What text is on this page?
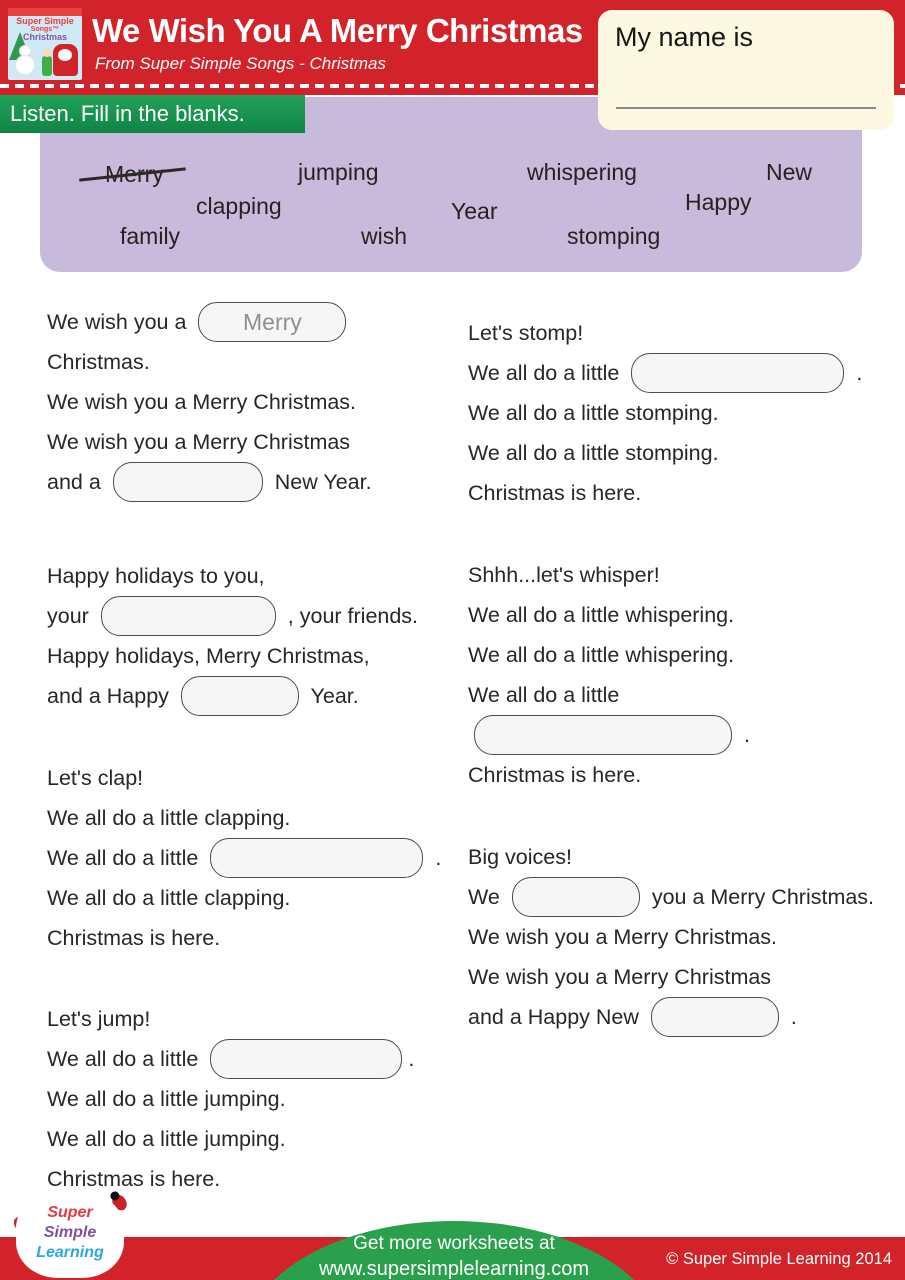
Super Simple
Songs™
Christmas We Wish You A Merry Christmas
From Super Simple Songs - Christmas
My name is
Listen. Fill in the blanks.
Merry	jumping	whispering	New
clapping	Year	Happy
family	wish	stomping
We wish you a Merry
Christmas.
We wish you a Merry Christmas.
We wish you a Merry Christmas
and a	New Year.
Happy holidays to you,
your	, your friends.
Happy holidays, Merry Christmas,
and a Happy	Year.
Let's clap!
We all do a little clapping.
We all do a little	.
We all do a little clapping.
Christmas is here.
Let's jump!
We all do a little	.
We all do a little jumping.
We all do a little jumping.
Christmas is here.
Let's stomp!
We all do a little	.
We all do a little stomping.
We all do a little stomping.
Christmas is here.
Shhh...let's whisper!
We all do a little whispering.
We all do a little whispering.
We all do a little
.
Christmas is here.
Big voices!
We	you a Merry Christmas.
We wish you a Merry Christmas.
We wish you a Merry Christmas
and a Happy New	.
Get more worksheets at
www.supersimplelearning.com
Super
Simple
Learning	© Super Simple Learning 2014
